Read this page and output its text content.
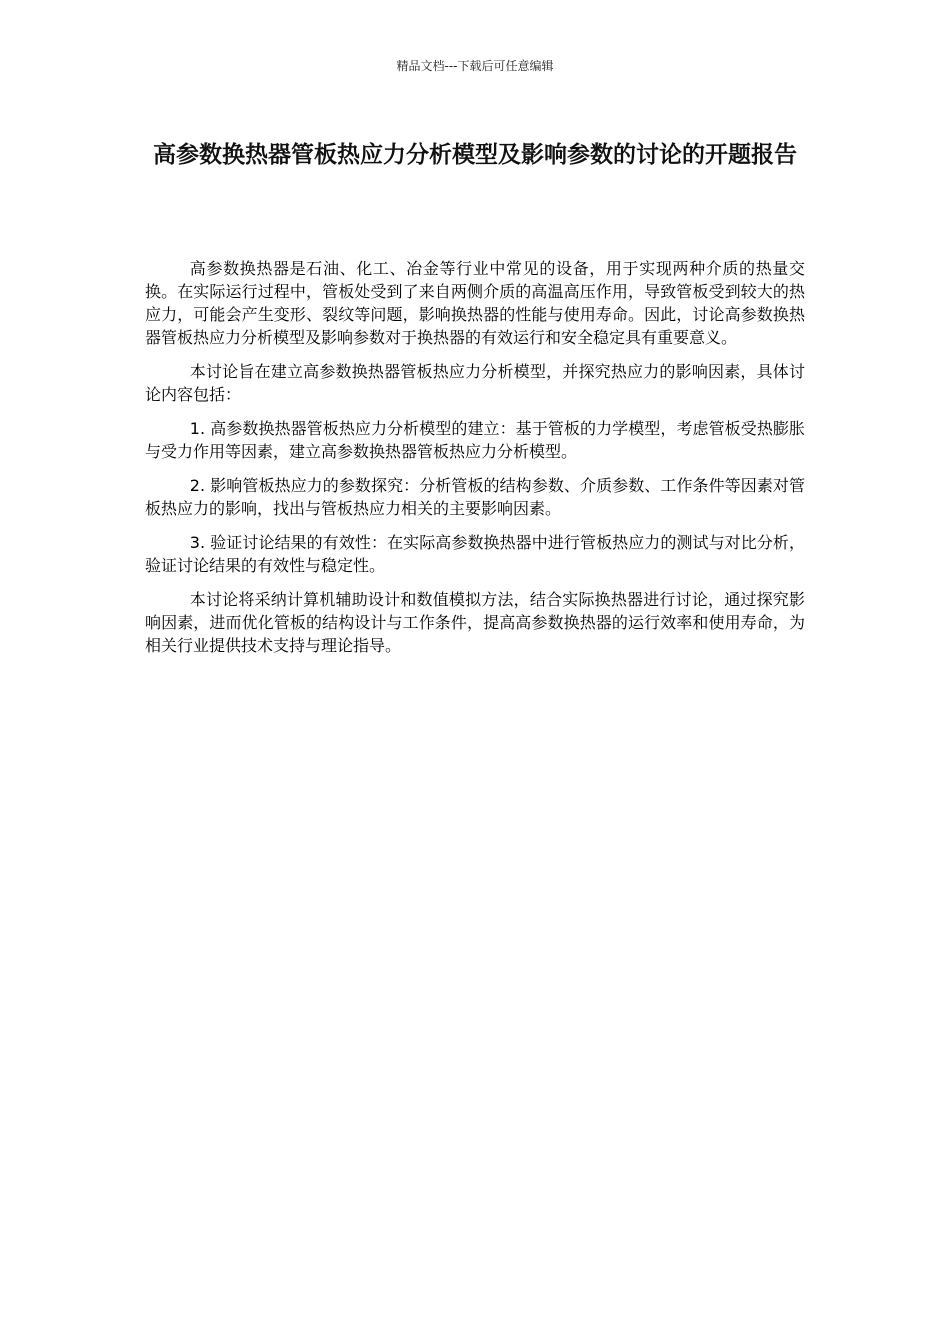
精品文档---下载后可任意编辑
高参数换热器管板热应力分析模型及影响参数的讨论的开题报告

高参数换热器是石油、化工、冶金等行业中常见的设备，用于实现两种介质的热量交换。在实际运行过程中，管板处受到了来自两侧介质的高温高压作用，导致管板受到较大的热应力，可能会产生变形、裂纹等问题，影响换热器的性能与使用寿命。因此，讨论高参数换热器管板热应力分析模型及影响参数对于换热器的有效运行和安全稳定具有重要意义。

本讨论旨在建立高参数换热器管板热应力分析模型，并探究热应力的影响因素，具体讨论内容包括：

1. 高参数换热器管板热应力分析模型的建立：基于管板的力学模型，考虑管板受热膨胀与受力作用等因素，建立高参数换热器管板热应力分析模型。

2. 影响管板热应力的参数探究：分析管板的结构参数、介质参数、工作条件等因素对管板热应力的影响，找出与管板热应力相关的主要影响因素。

3. 验证讨论结果的有效性：在实际高参数换热器中进行管板热应力的测试与对比分析，验证讨论结果的有效性与稳定性。

本讨论将采纳计算机辅助设计和数值模拟方法，结合实际换热器进行讨论，通过探究影响因素，进而优化管板的结构设计与工作条件，提高高参数换热器的运行效率和使用寿命，为相关行业提供技术支持与理论指导。
